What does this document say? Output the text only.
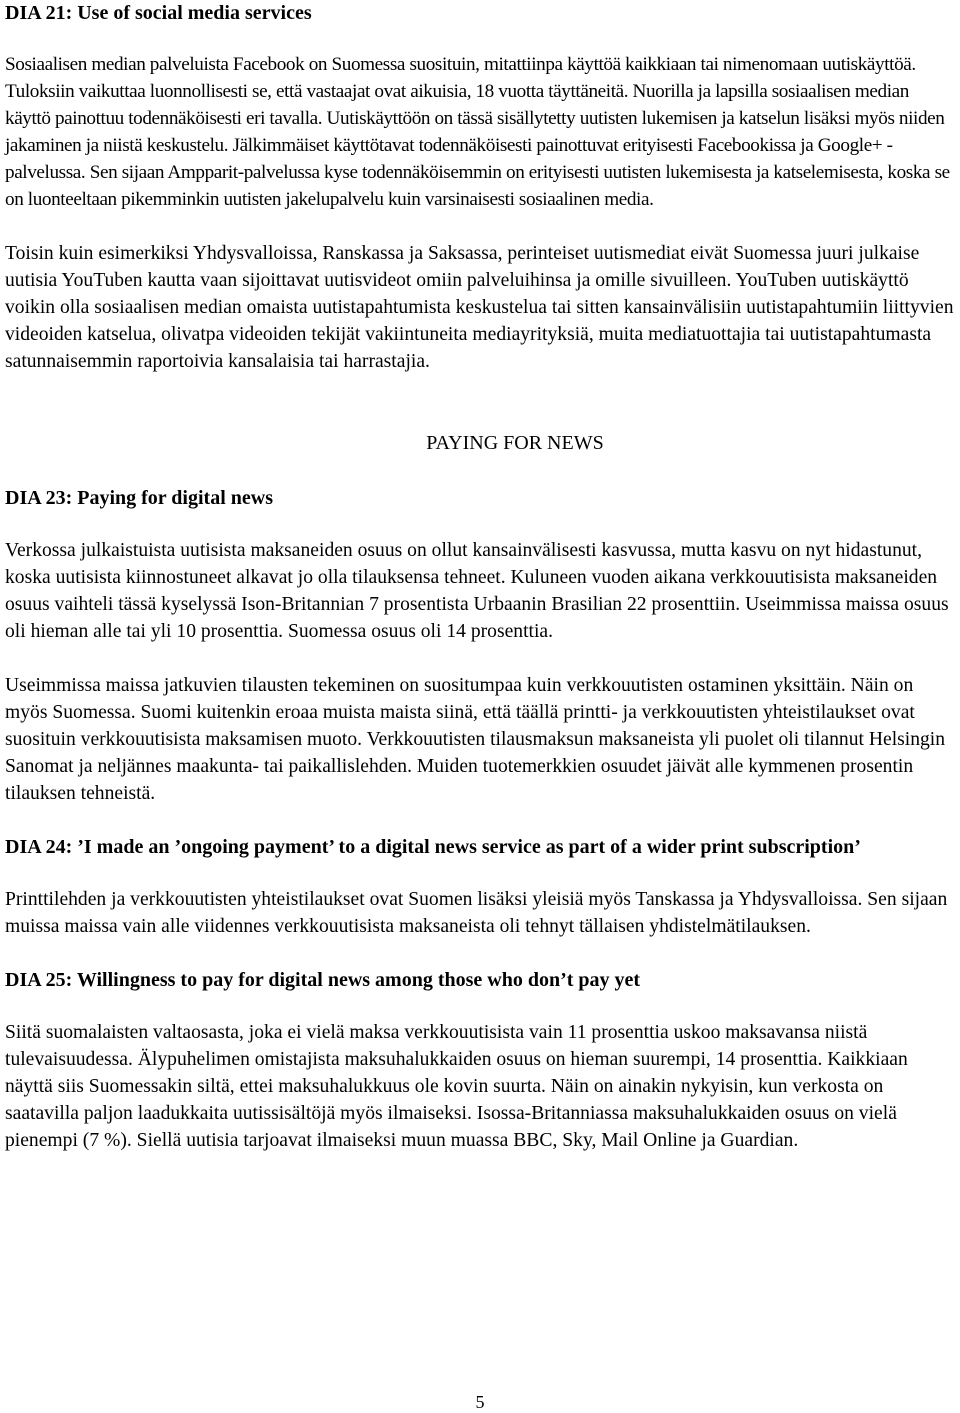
DIA 21: Use of social media services

Sosiaalisen median palveluista Facebook on Suomessa suosituin, mitattiinpa käyttöä kaikkiaan tai nimenomaan uutiskäyttöä. Tuloksiin vaikuttaa luonnollisesti se, että vastaajat ovat aikuisia, 18 vuotta täyttäneitä. Nuorilla ja lapsilla sosiaalisen median käyttö painottuu todennäköisesti eri tavalla. Uutiskäyttöön on tässä sisällytetty uutisten lukemisen ja katselun lisäksi myös niiden jakaminen ja niistä keskustelu. Jälkimmäiset käyttötavat todennäköisesti painottuvat erityisesti Facebookissa ja Google+ -palvelussa. Sen sijaan Ampparit-palvelussa kyse todennäköisemmin on erityisesti uutisten lukemisesta ja katselemisesta, koska se on luonteeltaan pikemminkin uutisten jakelupalvelu kuin varsinaisesti sosiaalinen media.

Toisin kuin esimerkiksi Yhdysvalloissa, Ranskassa ja Saksassa, perinteiset uutismediat eivät Suomessa juuri julkaise uutisia YouTuben kautta vaan sijoittavat uutisvideot omiin palveluihinsa ja omille sivuilleen. YouTuben uutiskäyttö voikin olla sosiaalisen median omaista uutistapahtumista keskustelua tai sitten kansainvälisiin uutistapahtumiin liittyvien videoiden katselua, olivatpa videoiden tekijät vakiintuneita mediayrityksiä, muita mediatuottajia tai uutistapahtumasta satunnaisemmin raportoivia kansalaisia tai harrastajia.

PAYING FOR NEWS

DIA 23: Paying for digital news

Verkossa julkaistuista uutisista maksaneiden osuus on ollut kansainvälisesti kasvussa, mutta kasvu on nyt hidastunut, koska uutisista kiinnostuneet alkavat jo olla tilauksensa tehneet. Kuluneen vuoden aikana verkkouutisista maksaneiden osuus vaihteli tässä kyselyssä Ison-Britannian 7 prosentista Urbaanin Brasilian 22 prosenttiin. Useimmissa maissa osuus oli hieman alle tai yli 10 prosenttia. Suomessa osuus oli 14 prosenttia.

Useimmissa maissa jatkuvien tilausten tekeminen on suositumpaa kuin verkkouutisten ostaminen yksittäin. Näin on myös Suomessa. Suomi kuitenkin eroaa muista maista siinä, että täällä printti- ja verkkouutisten yhteistilaukset ovat suosituin verkkouutisista maksamisen muoto. Verkkouutisten tilausmaksun maksaneista yli puolet oli tilannut Helsingin Sanomat ja neljännes maakunta- tai paikallislehden. Muiden tuotemerkkien osuudet jäivät alle kymmenen prosentin tilauksen tehneistä.

DIA 24: ’I made an ’ongoing payment’ to a digital news service as part of a wider print subscription’

Printtilehden ja verkkouutisten yhteistilaukset ovat Suomen lisäksi yleisiä myös Tanskassa ja Yhdysvalloissa. Sen sijaan muissa maissa vain alle viidennes verkkouutisista maksaneista oli tehnyt tällaisen yhdistelmätilauksen.

DIA 25: Willingness to pay for digital news among those who don’t pay yet

Siitä suomalaisten valtaosasta, joka ei vielä maksa verkkouutisista vain 11 prosenttia uskoo maksavansa niistä tulevaisuudessa. Älypuhelimen omistajista maksuhalukkaiden osuus on hieman suurempi, 14 prosenttia. Kaikkiaan näyttä siis Suomessakin siltä, ettei maksuhalukkuus ole kovin suurta. Näin on ainakin nykyisin, kun verkosta on saatavilla paljon laadukkaita uutissisältöjä myös ilmaiseksi. Isossa-Britanniassa maksuhalukkaiden osuus on vielä pienempi (7 %). Siellä uutisia tarjoavat ilmaiseksi muun muassa BBC, Sky, Mail Online ja Guardian.

5
